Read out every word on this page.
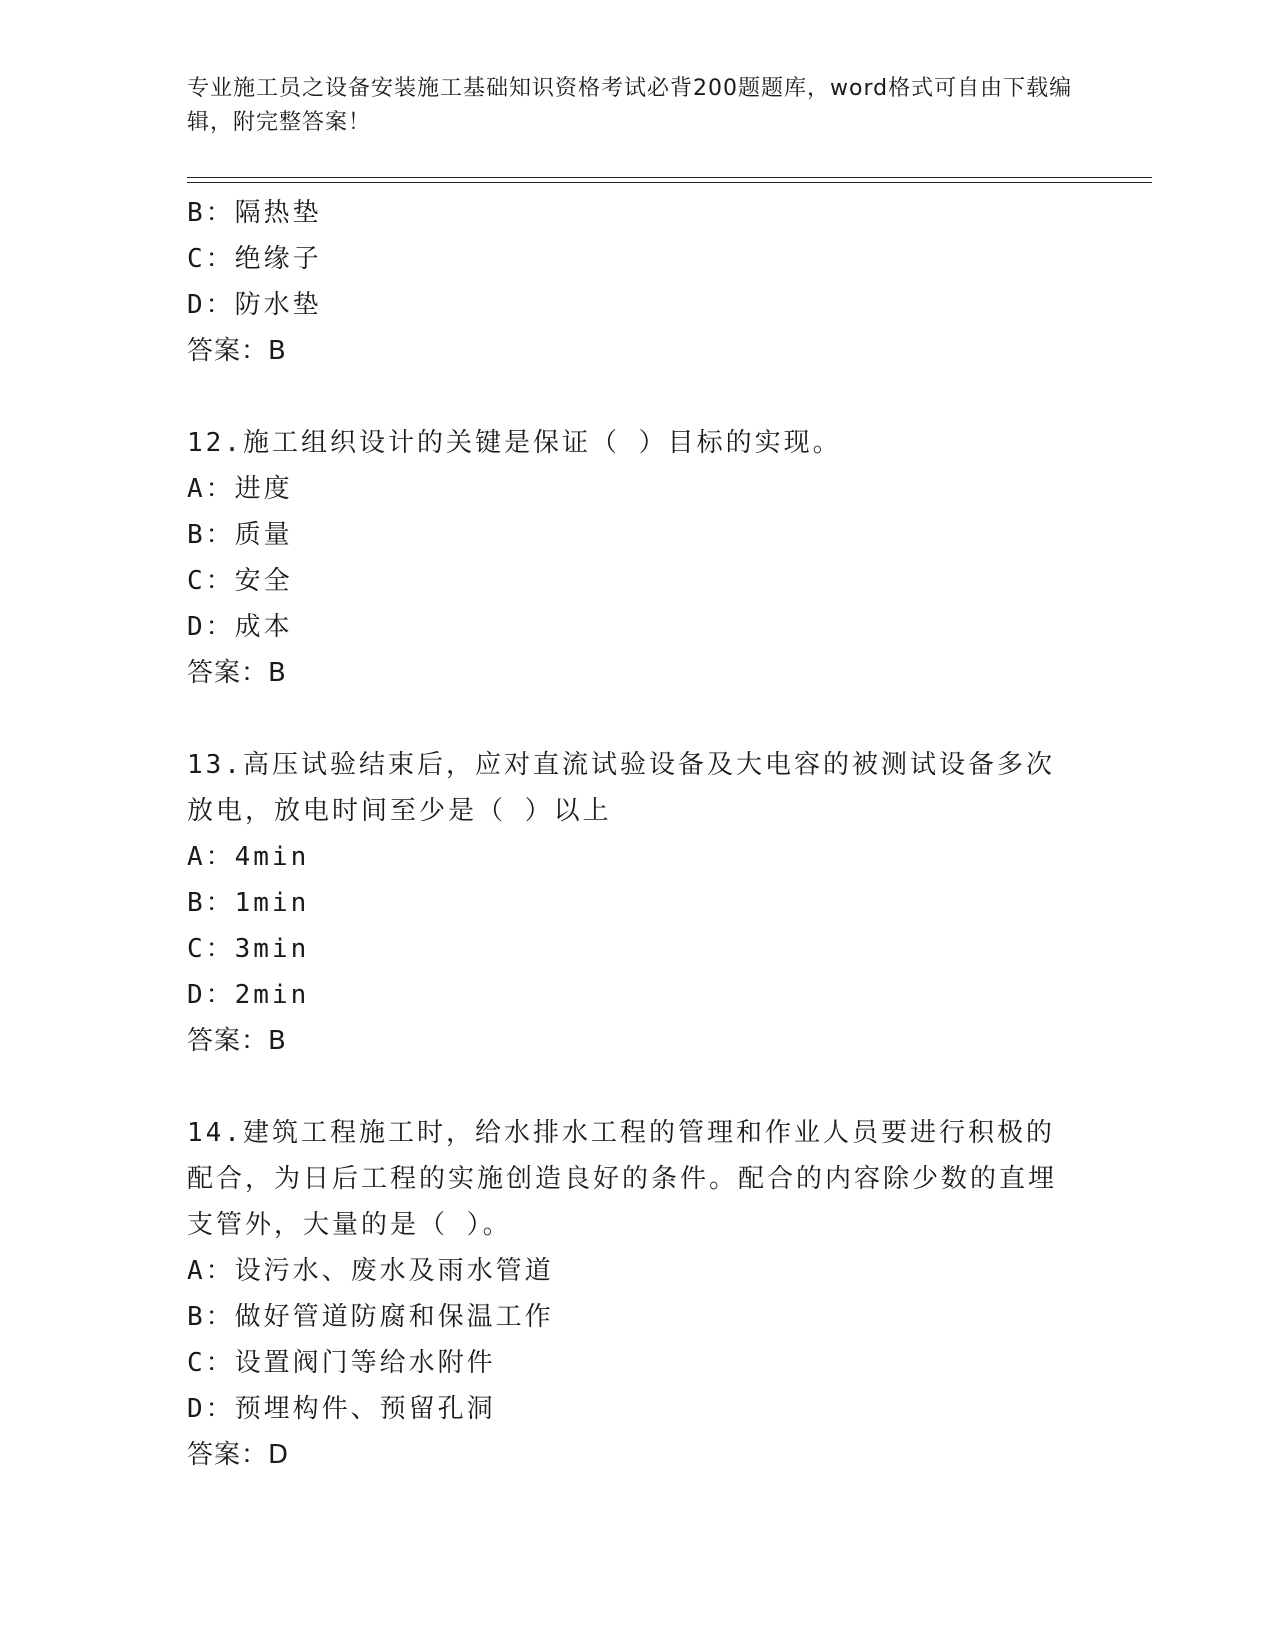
专业施工员之设备安装施工基础知识资格考试必背200题题库，word格式可自由下载编辑，附完整答案！
B：隔热垫
C：绝缘子
D：防水垫
答案：B
12.施工组织设计的关键是保证（ ）目标的实现。
A：进度
B：质量
C：安全
D：成本
答案：B
13.高压试验结束后，应对直流试验设备及大电容的被测试设备多次放电，放电时间至少是（ ）以上
A：4min
B：1min
C：3min
D：2min
答案：B
14.建筑工程施工时，给水排水工程的管理和作业人员要进行积极的配合，为日后工程的实施创造良好的条件。配合的内容除少数的直埋支管外，大量的是（ ）。
A：设污水、废水及雨水管道
B：做好管道防腐和保温工作
C：设置阀门等给水附件
D：预埋构件、预留孔洞
答案：D
